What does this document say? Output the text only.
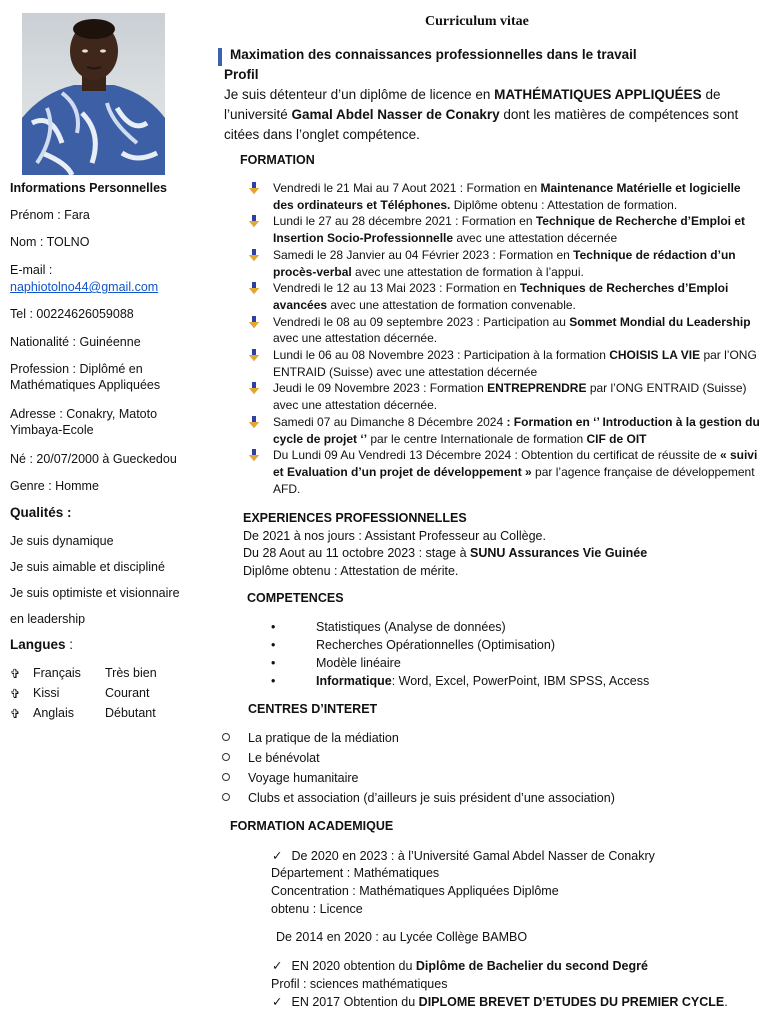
Informations Personnelles
Prénom : Fara
Nom : TOLNO
E-mail :
naphiotolno44@gmail.com
Tel : 00224626059088
Nationalité : Guinéenne
Profession : Diplômé en Mathématiques Appliquées
Adresse : Conakry, Matoto Yimbaya-Ecole
Né : 20/07/2000 à Gueckedou
Genre : Homme
Qualités :
Je suis dynamique
Je suis aimable et discipliné
Je suis optimiste et visionnaire
en leadership
Langues :
✞ Français Très bien
✞ Kissi	Courant
✞ Anglais Débutant
Curriculum vitae
Maximation des connaissances professionnelles dans le travail
Profil
Je suis détenteur d’un diplôme de licence en MATHÉMATIQUES APPLIQUÉES de l’université Gamal Abdel Nasser de Conakry dont les matières de compétences sont citées dans l’onglet compétence.
FORMATION
Vendredi le 21 Mai au 7 Aout 2021 : Formation en Maintenance Matérielle et logicielle des ordinateurs et Téléphones. Diplôme obtenu : Attestation de formation.
Lundi le 27 au 28 décembre 2021 : Formation en Technique de Recherche d’Emploi et Insertion Socio-Professionnelle avec une attestation décernée
Samedi le 28 Janvier au 04 Février 2023 : Formation en Technique de rédaction d’un procès-verbal avec une attestation de formation à l’appui.
Vendredi le 12 au 13 Mai 2023 : Formation en Techniques de Recherches d’Emploi avancées avec une attestation de formation convenable.
Vendredi le 08 au 09 septembre 2023 : Participation au Sommet Mondial du Leadership avec une attestation décernée.
Lundi le 06 au 08 Novembre 2023 : Participation à la formation CHOISIS LA VIE par l’ONG ENTRAID (Suisse) avec une attestation décernée
Jeudi le 09 Novembre 2023 : Formation ENTREPRENDRE par l’ONG ENTRAID (Suisse) avec une attestation décernée.
Samedi 07 au Dimanche 8 Décembre 2024 : Formation en ‘’ Introduction à la gestion du cycle de projet ‘’ par le centre Internationale de formation CIF de OIT
Du Lundi 09 Au Vendredi 13 Décembre 2024 : Obtention du certificat de réussite de « suivi et Evaluation d’un projet de développement » par l’agence française de développement AFD.
EXPERIENCES PROFESSIONNELLES
De 2021 à nos jours : Assistant Professeur au Collège.
Du 28 Aout au 11 octobre 2023 : stage à SUNU Assurances Vie Guinée
Diplôme obtenu : Attestation de mérite.
COMPETENCES
•	Statistiques (Analyse de données)
•	Recherches Opérationnelles (Optimisation)
•	Modèle linéaire
•	Informatique: Word, Excel, PowerPoint, IBM SPSS, Access
CENTRES D’INTERET
La pratique de la médiation
Le bénévolat
Voyage humanitaire
Clubs et association (d’ailleurs je suis président d’une association)
FORMATION ACADEMIQUE
✓ De 2020 en 2023 : à l’Université Gamal Abdel Nasser de Conakry
Département : Mathématiques
Concentration : Mathématiques Appliquées Diplôme
obtenu : Licence
De 2014 en 2020 : au Lycée Collège BAMBO
✓ EN 2020 obtention du Diplôme de Bachelier du second Degré
Profil : sciences mathématiques
✓ EN 2017 Obtention du DIPLOME BREVET D’ETUDES DU PREMIER CYCLE.
